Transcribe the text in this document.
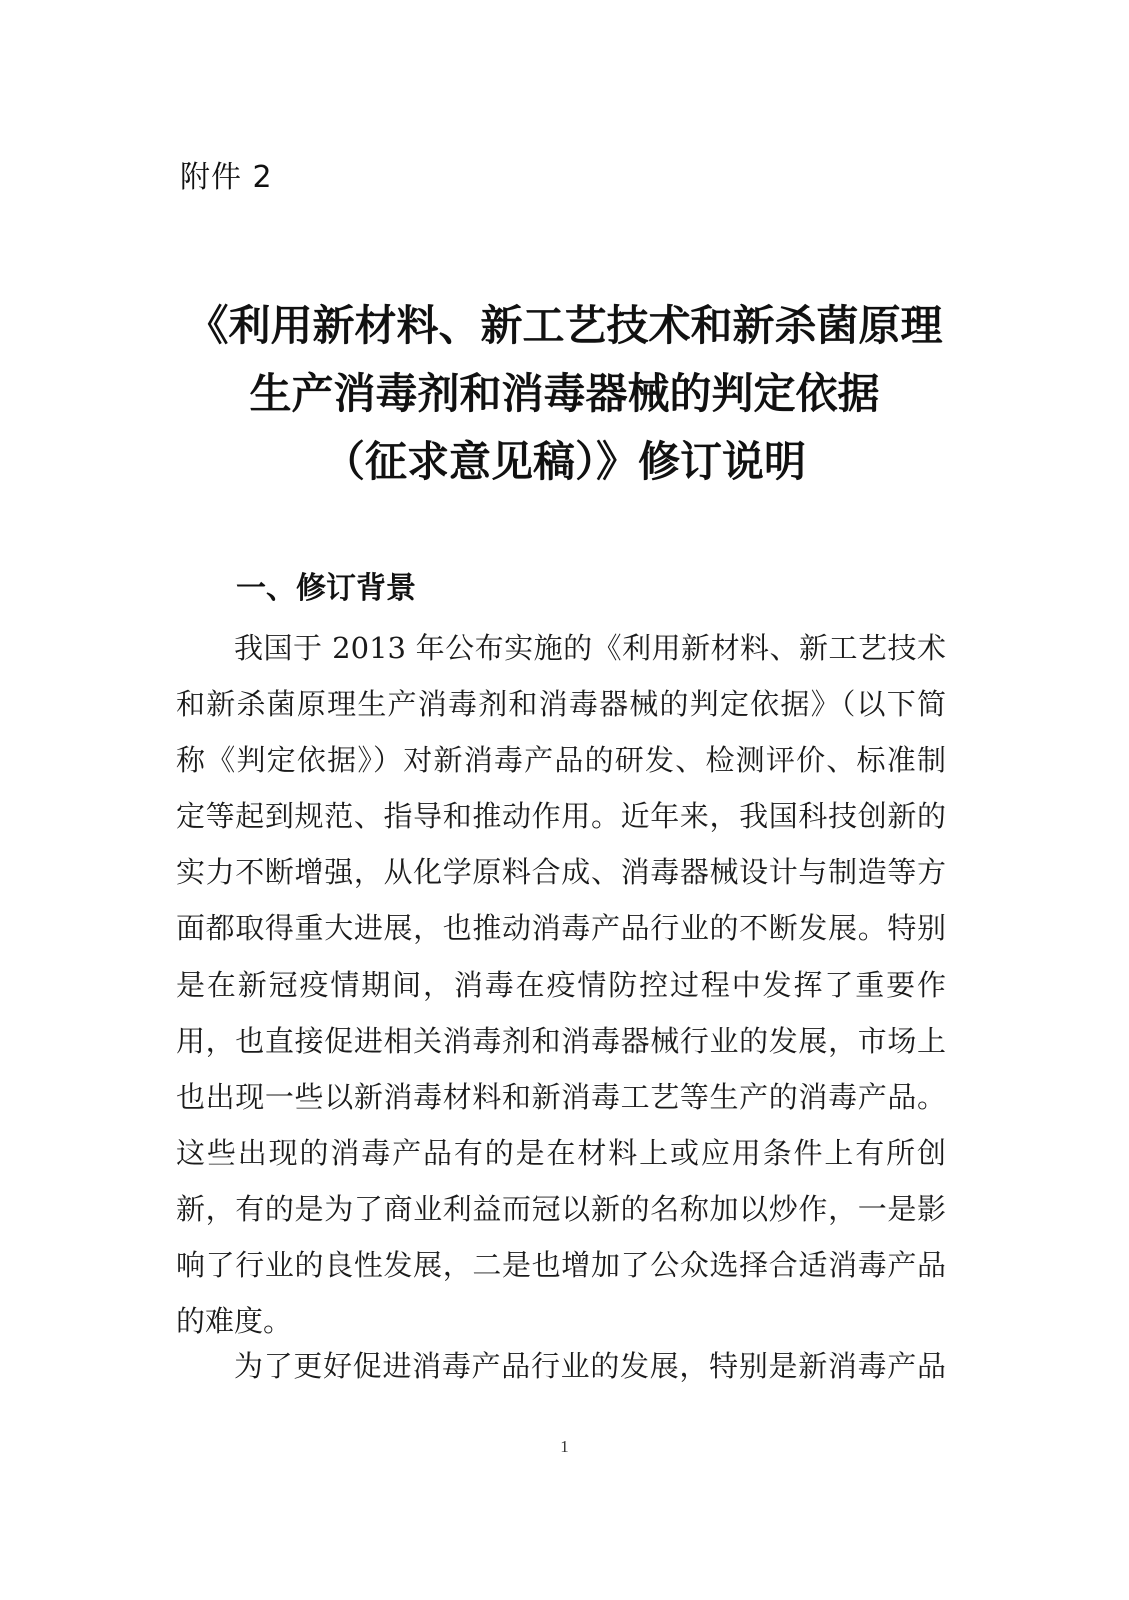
附件 2
《利用新材料、新工艺技术和新杀菌原理
生产消毒剂和消毒器械的判定依据
（征求意见稿）》修订说明
一、修订背景
我国于 2013 年公布实施的《利用新材料、新工艺技术
和新杀菌原理生产消毒剂和消毒器械的判定依据》（以下简
称《判定依据》）对新消毒产品的研发、检测评价、标准制
定等起到规范、指导和推动作用。近年来，我国科技创新的
实力不断增强，从化学原料合成、消毒器械设计与制造等方
面都取得重大进展，也推动消毒产品行业的不断发展。特别
是在新冠疫情期间，消毒在疫情防控过程中发挥了重要作
用，也直接促进相关消毒剂和消毒器械行业的发展，市场上
也出现一些以新消毒材料和新消毒工艺等生产的消毒产品。
这些出现的消毒产品有的是在材料上或应用条件上有所创
新，有的是为了商业利益而冠以新的名称加以炒作，一是影
响了行业的良性发展，二是也增加了公众选择合适消毒产品
的难度。
为了更好促进消毒产品行业的发展，特别是新消毒产品
1
